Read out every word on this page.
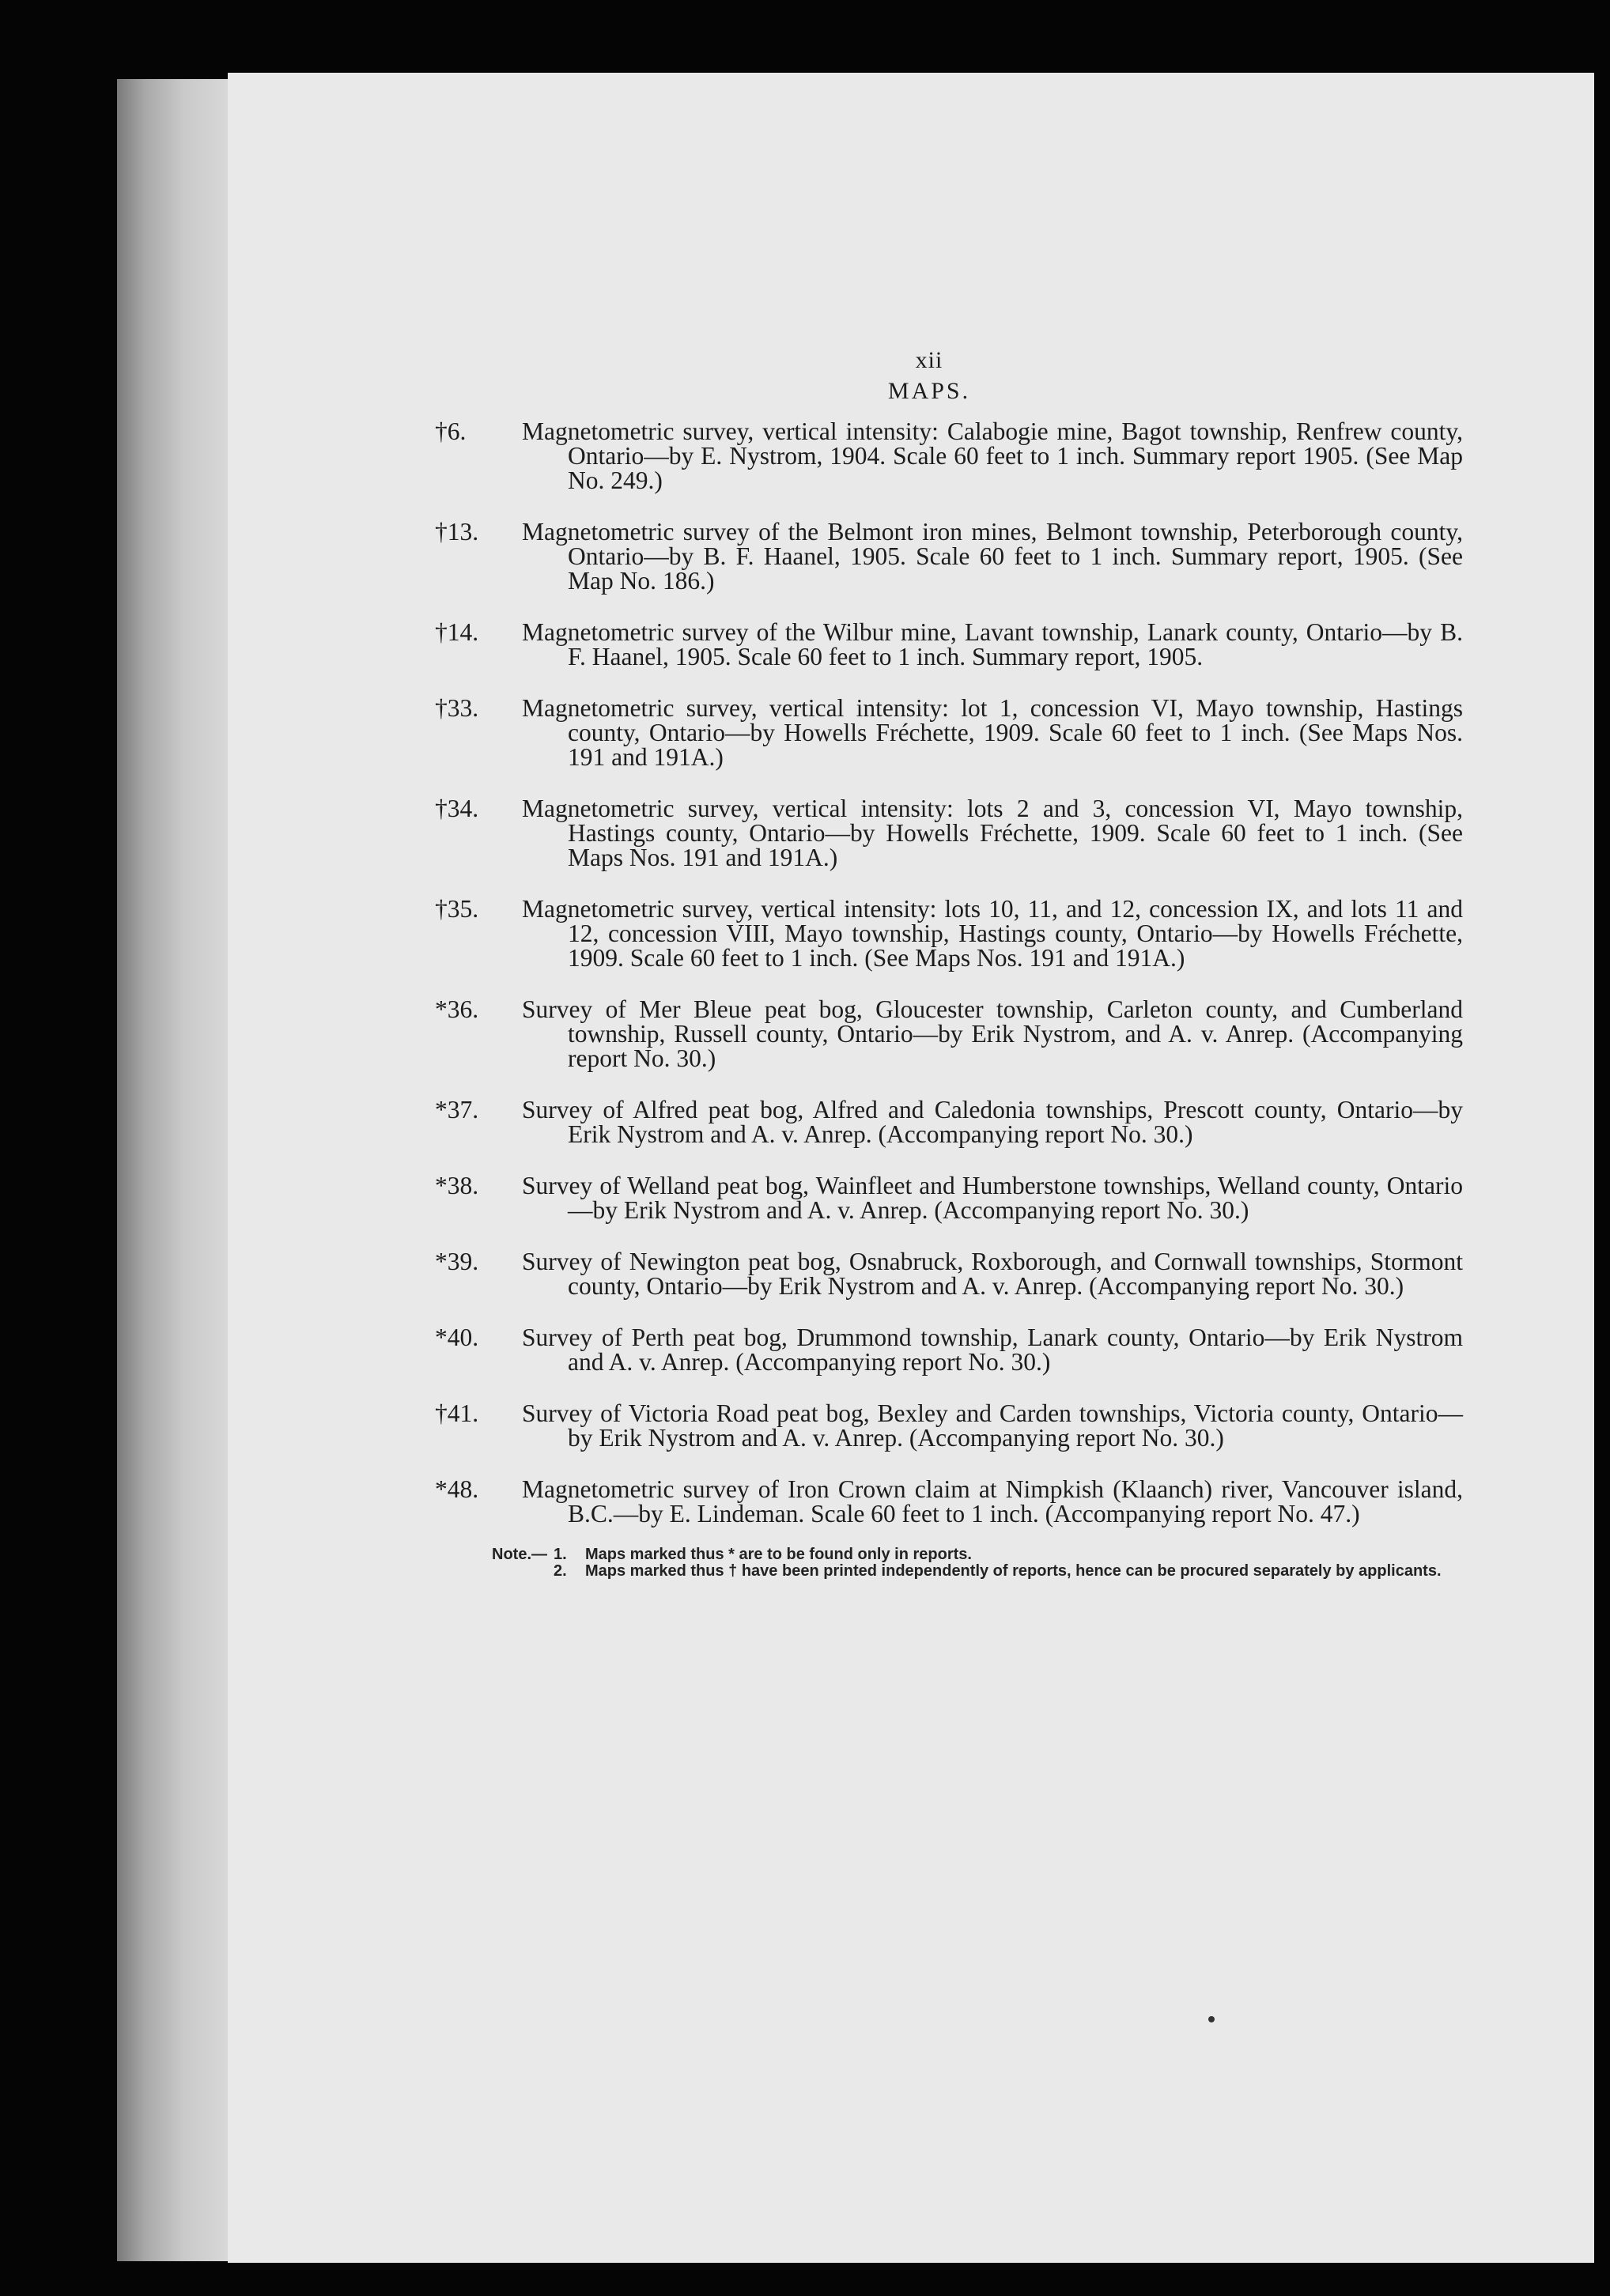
xii
MAPS.
†6.	Magnetometric survey, vertical intensity: Calabogie mine, Bagot township, Renfrew county, Ontario—by E. Nystrom, 1904. Scale 60 feet to 1 inch. Summary report 1905. (See Map No. 249.)
†13.	Magnetometric survey of the Belmont iron mines, Belmont township, Peterborough county, Ontario—by B. F. Haanel, 1905. Scale 60 feet to 1 inch. Summary report, 1905. (See Map No. 186.)
†14.	Magnetometric survey of the Wilbur mine, Lavant township, Lanark county, Ontario—by B. F. Haanel, 1905. Scale 60 feet to 1 inch. Summary report, 1905.
†33.	Magnetometric survey, vertical intensity: lot 1, concession VI, Mayo township, Hastings county, Ontario—by Howells Fréchette, 1909. Scale 60 feet to 1 inch. (See Maps Nos. 191 and 191A.)
†34.	Magnetometric survey, vertical intensity: lots 2 and 3, concession VI, Mayo township, Hastings county, Ontario—by Howells Fréchette, 1909. Scale 60 feet to 1 inch. (See Maps Nos. 191 and 191A.)
†35.	Magnetometric survey, vertical intensity: lots 10, 11, and 12, concession IX, and lots 11 and 12, concession VIII, Mayo township, Hastings county, Ontario—by Howells Fréchette, 1909. Scale 60 feet to 1 inch. (See Maps Nos. 191 and 191A.)
*36.	Survey of Mer Bleue peat bog, Gloucester township, Carleton county, and Cumberland township, Russell county, Ontario—by Erik Nystrom, and A. v. Anrep. (Accompanying report No. 30.)
*37.	Survey of Alfred peat bog, Alfred and Caledonia townships, Prescott county, Ontario—by Erik Nystrom and A. v. Anrep. (Accompanying report No. 30.)
*38.	Survey of Welland peat bog, Wainfleet and Humberstone townships, Welland county, Ontario—by Erik Nystrom and A. v. Anrep. (Accompanying report No. 30.)
*39.	Survey of Newington peat bog, Osnabruck, Roxborough, and Cornwall townships, Stormont county, Ontario—by Erik Nystrom and A. v. Anrep. (Accompanying report No. 30.)
*40.	Survey of Perth peat bog, Drummond township, Lanark county, Ontario—by Erik Nystrom and A. v. Anrep. (Accompanying report No. 30.)
†41.	Survey of Victoria Road peat bog, Bexley and Carden townships, Victoria county, Ontario—by Erik Nystrom and A. v. Anrep. (Accompanying report No. 30.)
*48.	Magnetometric survey of Iron Crown claim at Nimpkish (Klaanch) river, Vancouver island, B.C.—by E. Lindeman. Scale 60 feet to 1 inch. (Accompanying report No. 47.)
Note.— 1.	Maps marked thus * are to be found only in reports.
2.	Maps marked thus † have been printed independently of reports, hence can be procured separately by applicants.
